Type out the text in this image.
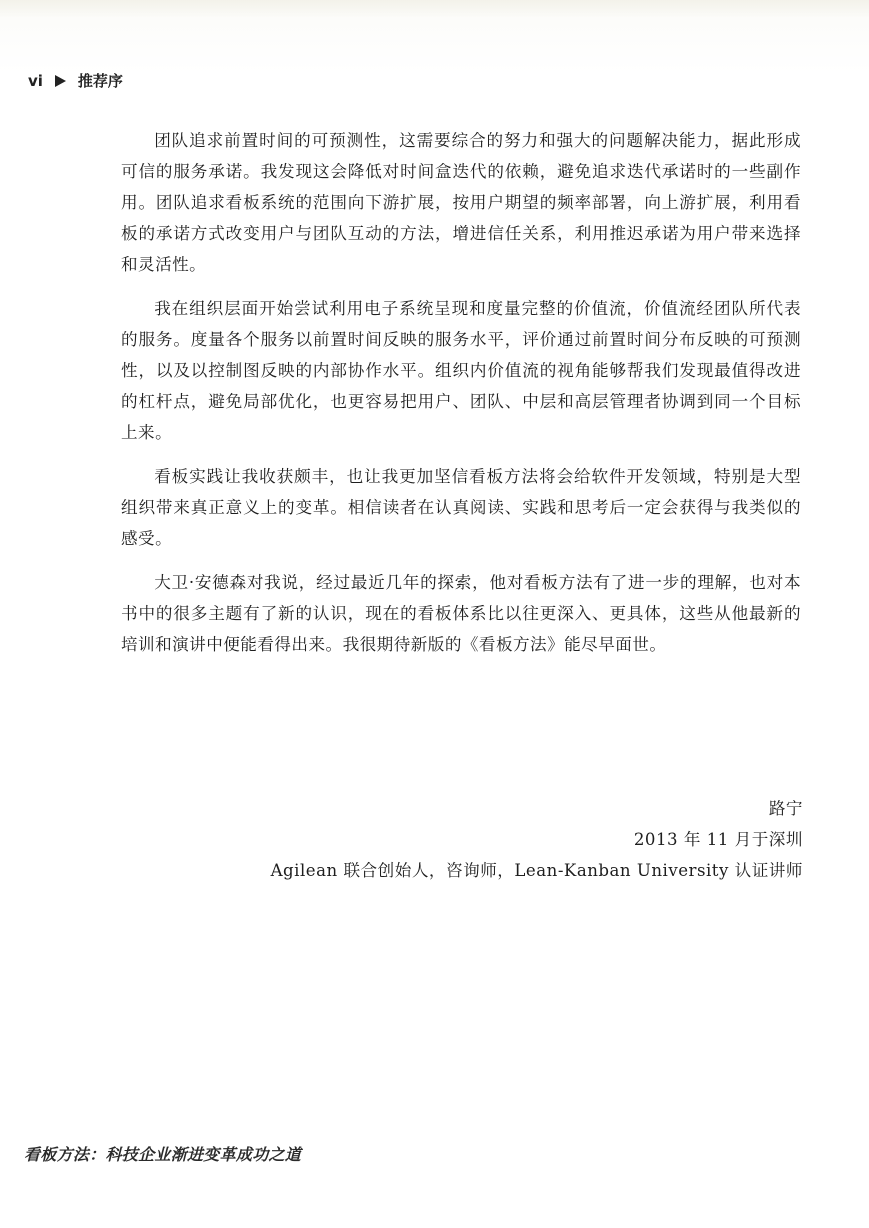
vi 推荐序

团队追求前置时间的可预测性，这需要综合的努力和强大的问题解决能力，据此形成可信的服务承诺。我发现这会降低对时间盒迭代的依赖，避免追求迭代承诺时的一些副作用。团队追求看板系统的范围向下游扩展，按用户期望的频率部署，向上游扩展，利用看板的承诺方式改变用户与团队互动的方法，增进信任关系，利用推迟承诺为用户带来选择和灵活性。

我在组织层面开始尝试利用电子系统呈现和度量完整的价值流，价值流经团队所代表的服务。度量各个服务以前置时间反映的服务水平，评价通过前置时间分布反映的可预测性，以及以控制图反映的内部协作水平。组织内价值流的视角能够帮我们发现最值得改进的杠杆点，避免局部优化，也更容易把用户、团队、中层和高层管理者协调到同一个目标上来。

看板实践让我收获颇丰，也让我更加坚信看板方法将会给软件开发领域，特别是大型组织带来真正意义上的变革。相信读者在认真阅读、实践和思考后一定会获得与我类似的感受。

大卫·安德森对我说，经过最近几年的探索，他对看板方法有了进一步的理解，也对本书中的很多主题有了新的认识，现在的看板体系比以往更深入、更具体，这些从他最新的培训和演讲中便能看得出来。我很期待新版的《看板方法》能尽早面世。

路宁
2013 年 11 月于深圳
Agilean 联合创始人，咨询师，Lean-Kanban University 认证讲师
看板方法：科技企业渐进变革成功之道
